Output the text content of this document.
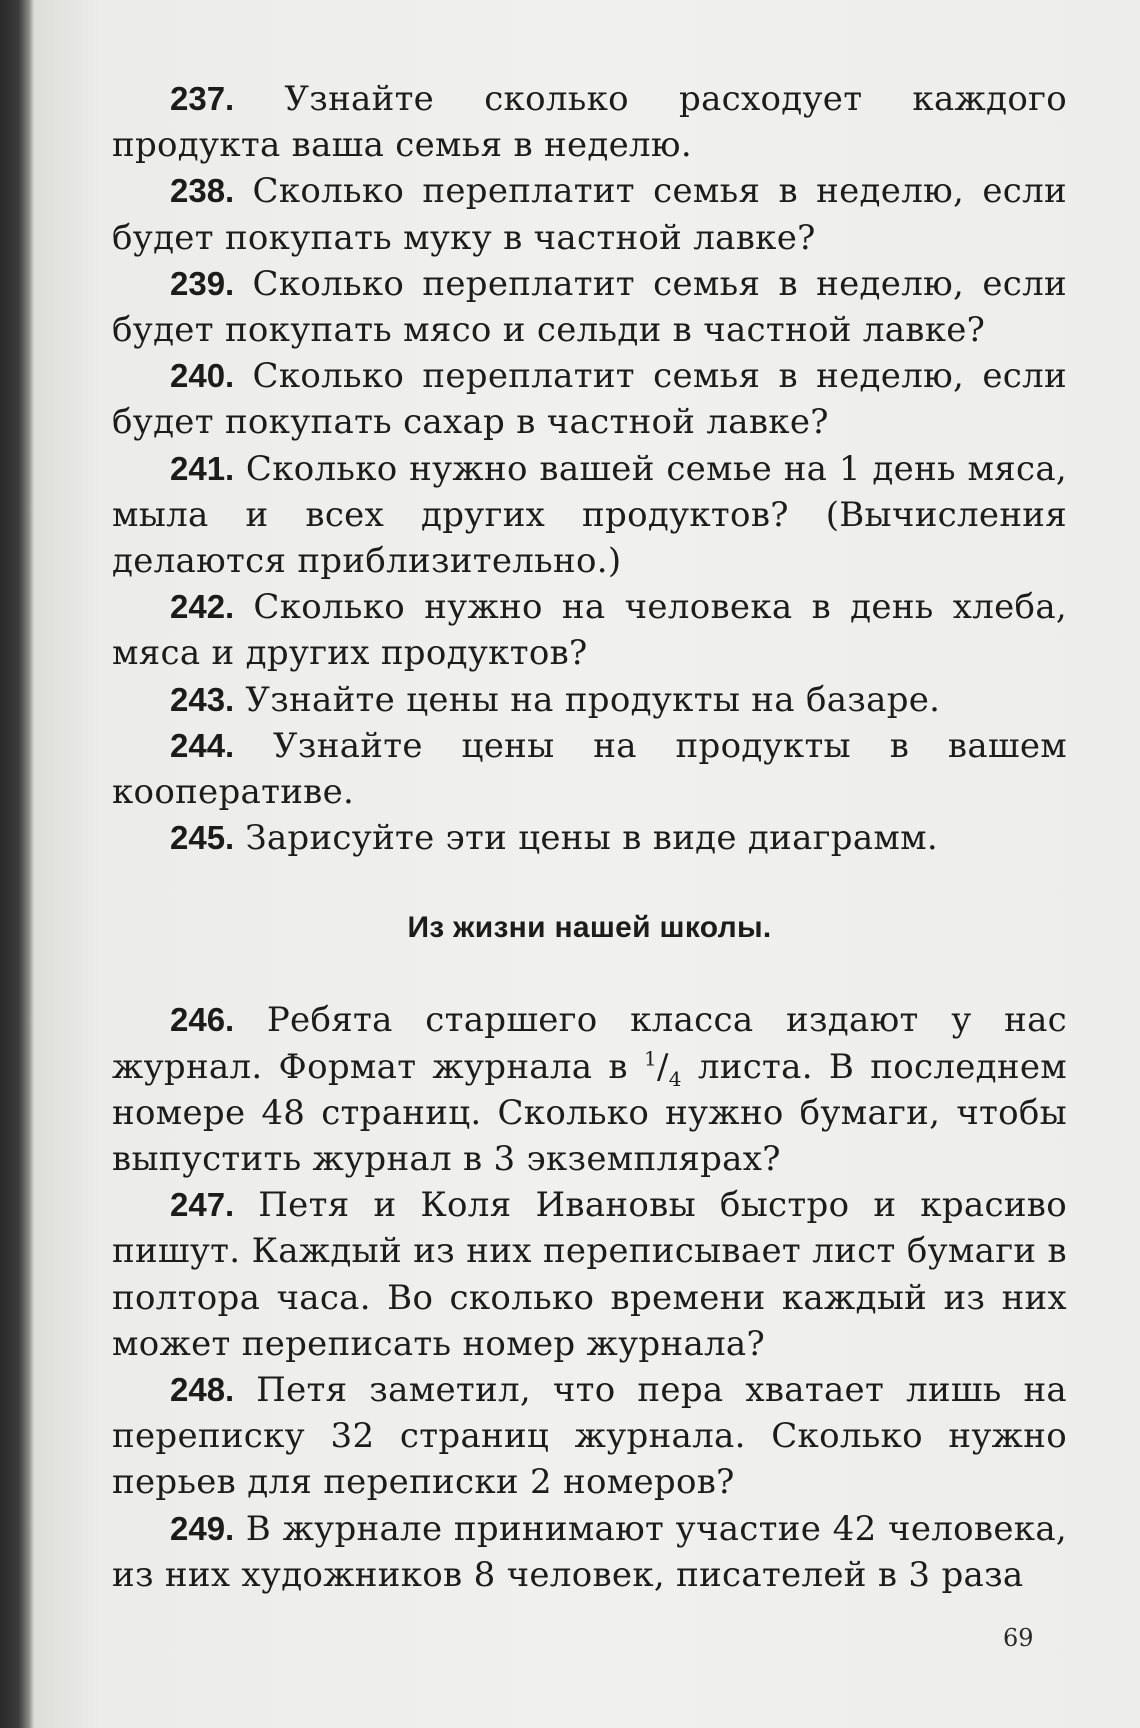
237. Узнайте сколько расходует каждого продукта ваша семья в неделю.

238. Сколько переплатит семья в неделю, если будет покупать муку в частной лавке?

239. Сколько переплатит семья в неделю, если будет покупать мясо и сельди в частной лавке?

240. Сколько переплатит семья в неделю, если будет покупать сахар в частной лавке?

241. Сколько нужно вашей семье на 1 день мяса, мыла и всех других продуктов? (Вычисления делаются приблизительно.)

242. Сколько нужно на человека в день хлеба, мяса и других продуктов?

243. Узнайте цены на продукты на базаре.

244. Узнайте цены на продукты в вашем кооперативе.

245. Зарисуйте эти цены в виде диаграмм.

Из жизни нашей школы.

246. Ребята старшего класса издают у нас журнал. Формат журнала в $^1/_4$ листа. В последнем номере 48 страниц. Сколько нужно бумаги, чтобы выпустить журнал в 3 экземплярах?

247. Петя и Коля Ивановы быстро и красиво пишут. Каждый из них переписывает лист бумаги в полтора часа. Во сколько времени каждый из них может переписать номер журнала?

248. Петя заметил, что пера хватает лишь на переписку 32 страниц журнала. Сколько нужно перьев для переписки 2 номеров?

249. В журнале принимают участие 42 человека, из них художников 8 человек, писателей в 3 раза

69
